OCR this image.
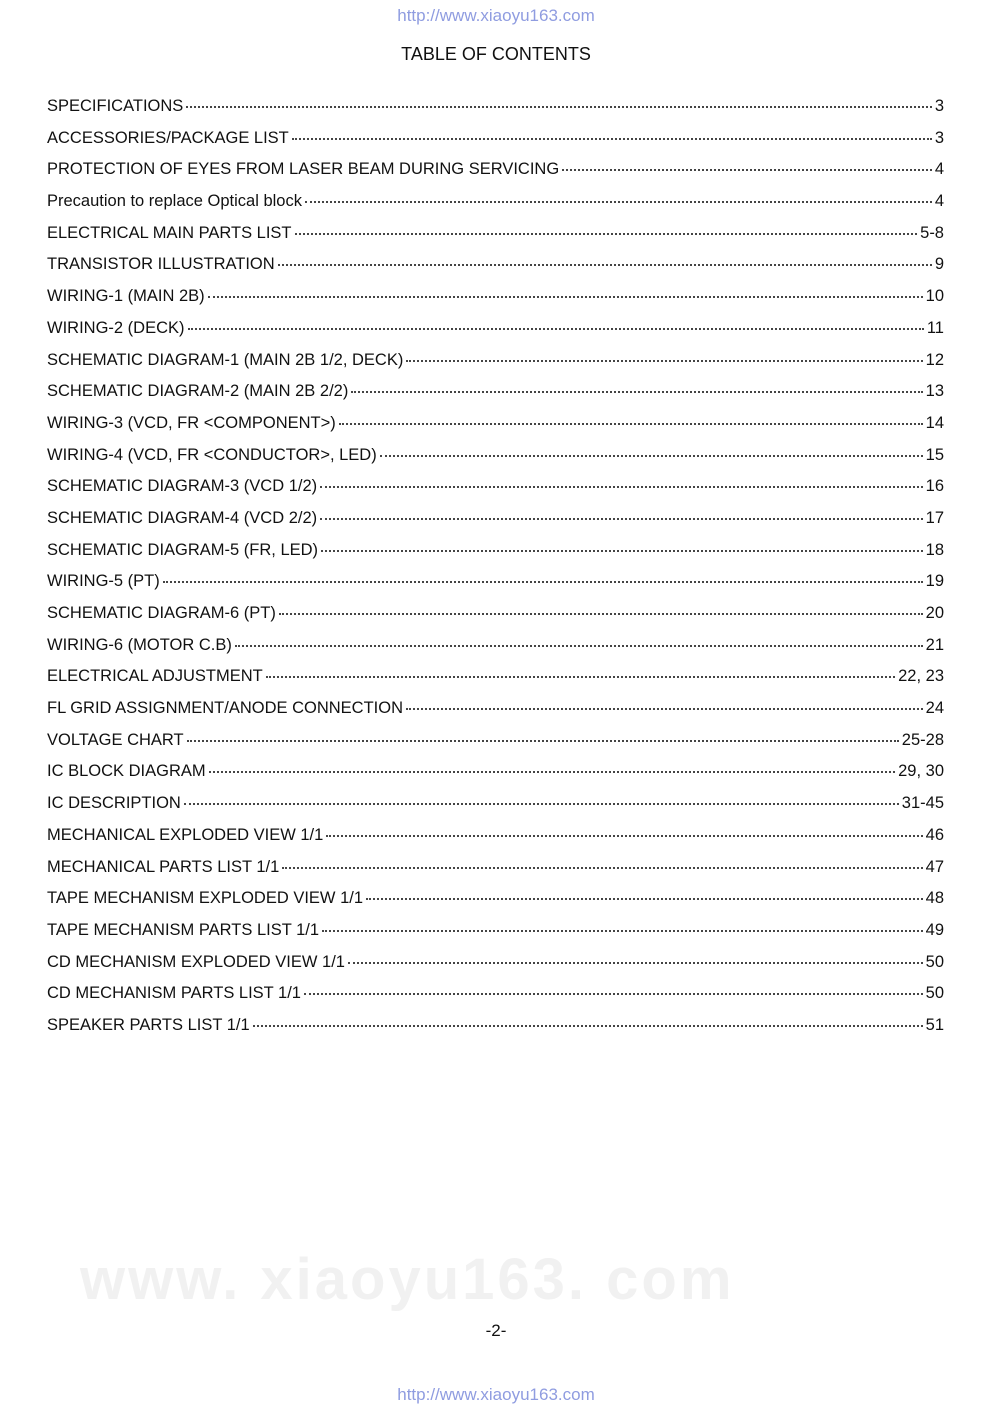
http://www.xiaoyu163.com
www. xiaoyu163. com
TABLE OF CONTENTS
SPECIFICATIONS	3
ACCESSORIES/PACKAGE LIST	3
PROTECTION OF EYES FROM LASER BEAM DURING SERVICING	4
Precaution to replace Optical block	4
ELECTRICAL MAIN PARTS LIST	5-8
TRANSISTOR ILLUSTRATION	9
WIRING-1 (MAIN 2B)	10
WIRING-2 (DECK)	11
SCHEMATIC DIAGRAM-1 (MAIN 2B 1/2, DECK)	12
SCHEMATIC DIAGRAM-2 (MAIN 2B 2/2)	13
WIRING-3 (VCD, FR <COMPONENT>)	14
WIRING-4 (VCD, FR <CONDUCTOR>, LED)	15
SCHEMATIC DIAGRAM-3 (VCD 1/2)	16
SCHEMATIC DIAGRAM-4 (VCD 2/2)	17
SCHEMATIC DIAGRAM-5 (FR, LED)	18
WIRING-5 (PT)	19
SCHEMATIC DIAGRAM-6 (PT)	20
WIRING-6 (MOTOR C.B)	21
ELECTRICAL ADJUSTMENT	22, 23
FL GRID ASSIGNMENT/ANODE CONNECTION	24
VOLTAGE CHART	25-28
IC BLOCK DIAGRAM	29, 30
IC DESCRIPTION	31-45
MECHANICAL EXPLODED VIEW 1/1	46
MECHANICAL PARTS LIST 1/1	47
TAPE MECHANISM EXPLODED VIEW 1/1	48
TAPE MECHANISM PARTS LIST 1/1	49
CD MECHANISM EXPLODED VIEW 1/1	50
CD MECHANISM PARTS LIST 1/1	50
SPEAKER PARTS LIST 1/1	51
-2-
http://www.xiaoyu163.com
